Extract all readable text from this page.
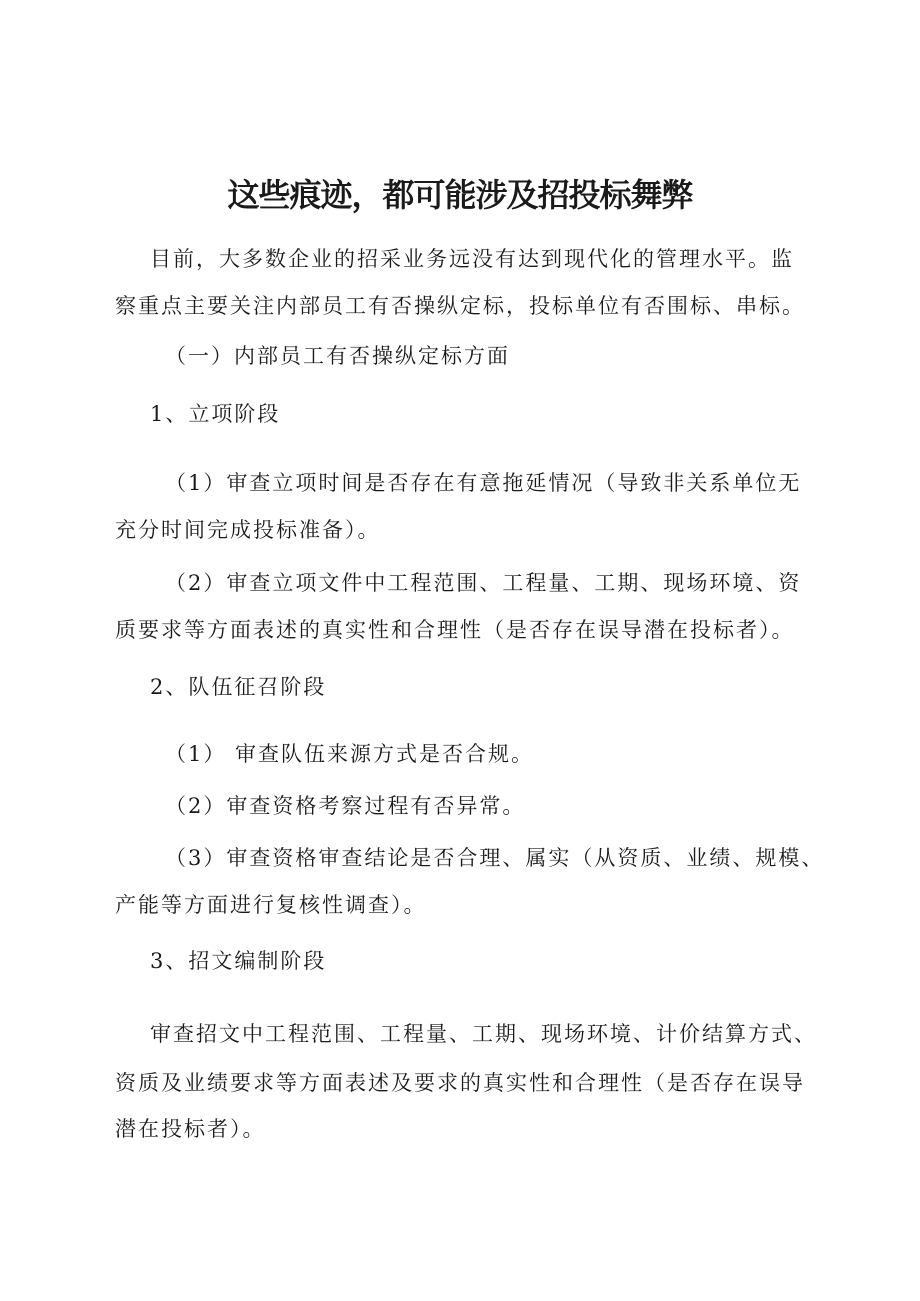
这些痕迹，都可能涉及招投标舞弊
目前，大多数企业的招采业务远没有达到现代化的管理水平。监
察重点主要关注内部员工有否操纵定标，投标单位有否围标、串标。
（一）内部员工有否操纵定标方面
1、立项阶段
（1）审查立项时间是否存在有意拖延情况（导致非关系单位无
充分时间完成投标准备）。
（2）审查立项文件中工程范围、工程量、工期、现场环境、资
质要求等方面表述的真实性和合理性（是否存在误导潜在投标者）。
2、队伍征召阶段
（1） 审查队伍来源方式是否合规。
（2）审查资格考察过程有否异常。
（3）审查资格审查结论是否合理、属实（从资质、业绩、规模、
产能等方面进行复核性调查）。
3、招文编制阶段
审查招文中工程范围、工程量、工期、现场环境、计价结算方式、
资质及业绩要求等方面表述及要求的真实性和合理性（是否存在误导
潜在投标者）。
